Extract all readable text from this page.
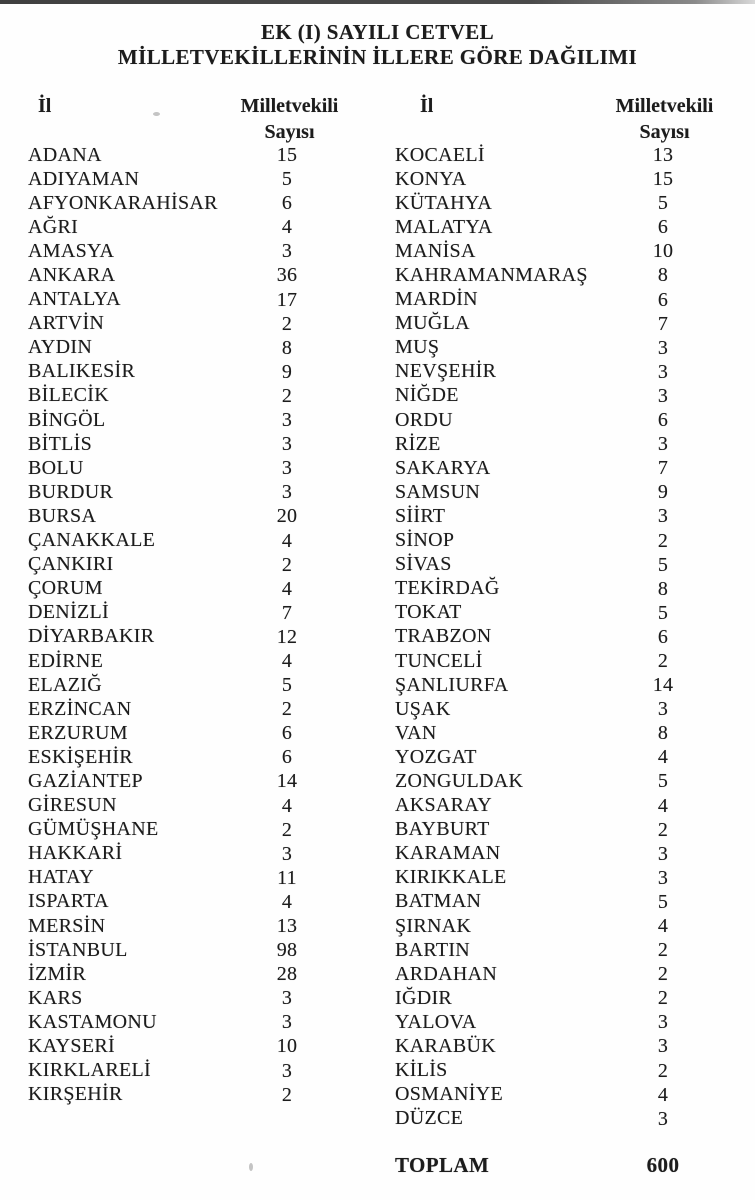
EK (I) SAYILI CETVEL
MİLLETVEKİLLERİNİN İLLERE GÖRE DAĞILIMI
İl	Milletvekili
Sayısı
İl	Milletvekili
Sayısı
ADANA	15
ADIYAMAN	5
AFYONKARAHİSAR	6
AĞRI	4
AMASYA	3
ANKARA	36
ANTALYA	17
ARTVİN	2
AYDIN	8
BALIKESİR	9
BİLECİK	2
BİNGÖL	3
BİTLİS	3
BOLU	3
BURDUR	3
BURSA	20
ÇANAKKALE	4
ÇANKIRI	2
ÇORUM	4
DENİZLİ	7
DİYARBAKIR	12
EDİRNE	4
ELAZIĞ	5
ERZİNCAN	2
ERZURUM	6
ESKİŞEHİR	6
GAZİANTEP	14
GİRESUN	4
GÜMÜŞHANE	2
HAKKARİ	3
HATAY	11
ISPARTA	4
MERSİN	13
İSTANBUL	98
İZMİR	28
KARS	3
KASTAMONU	3
KAYSERİ	10
KIRKLARELİ	3
KIRŞEHİR	2
KOCAELİ	13
KONYA	15
KÜTAHYA	5
MALATYA	6
MANİSA	10
KAHRAMANMARAŞ	8
MARDİN	6
MUĞLA	7
MUŞ	3
NEVŞEHİR	3
NİĞDE	3
ORDU	6
RİZE	3
SAKARYA	7
SAMSUN	9
SİİRT	3
SİNOP	2
SİVAS	5
TEKİRDAĞ	8
TOKAT	5
TRABZON	6
TUNCELİ	2
ŞANLIURFA	14
UŞAK	3
VAN	8
YOZGAT	4
ZONGULDAK	5
AKSARAY	4
BAYBURT	2
KARAMAN	3
KIRIKKALE	3
BATMAN	5
ŞIRNAK	4
BARTIN	2
ARDAHAN	2
IĞDIR	2
YALOVA	3
KARABÜK	3
KİLİS	2
OSMANİYE	4
DÜZCE	3
TOPLAM	600
